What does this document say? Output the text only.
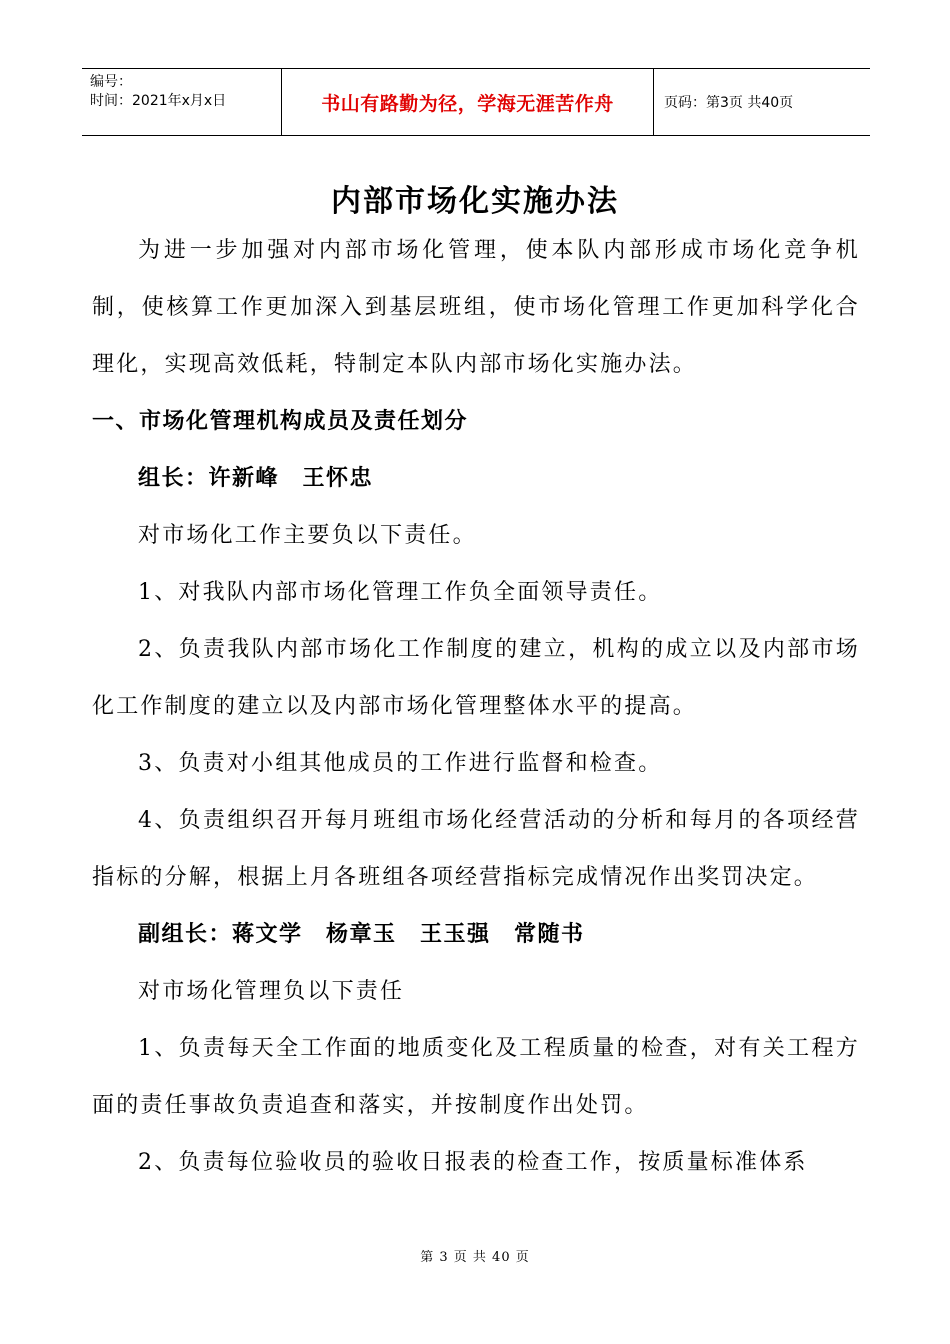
编号：
时间：2021年x月x日	书山有路勤为径，学海无涯苦作舟	页码：第3页 共40页
内部市场化实施办法

为进一步加强对内部市场化管理，使本队内部形成市场化竞争机制，使核算工作更加深入到基层班组，使市场化管理工作更加科学化合理化，实现高效低耗，特制定本队内部市场化实施办法。

一、市场化管理机构成员及责任划分

组长：许新峰　王怀忠

对市场化工作主要负以下责任。

1、对我队内部市场化管理工作负全面领导责任。

2、负责我队内部市场化工作制度的建立，机构的成立以及内部市场化工作制度的建立以及内部市场化管理整体水平的提高。

3、负责对小组其他成员的工作进行监督和检查。

4、负责组织召开每月班组市场化经营活动的分析和每月的各项经营指标的分解，根据上月各班组各项经营指标完成情况作出奖罚决定。

副组长：蒋文学　杨章玉　王玉强　常随书

对市场化管理负以下责任

1、负责每天全工作面的地质变化及工程质量的检查，对有关工程方面的责任事故负责追查和落实，并按制度作出处罚。

2、负责每位验收员的验收日报表的检查工作，按质量标准体系

第 3 页 共 40 页
